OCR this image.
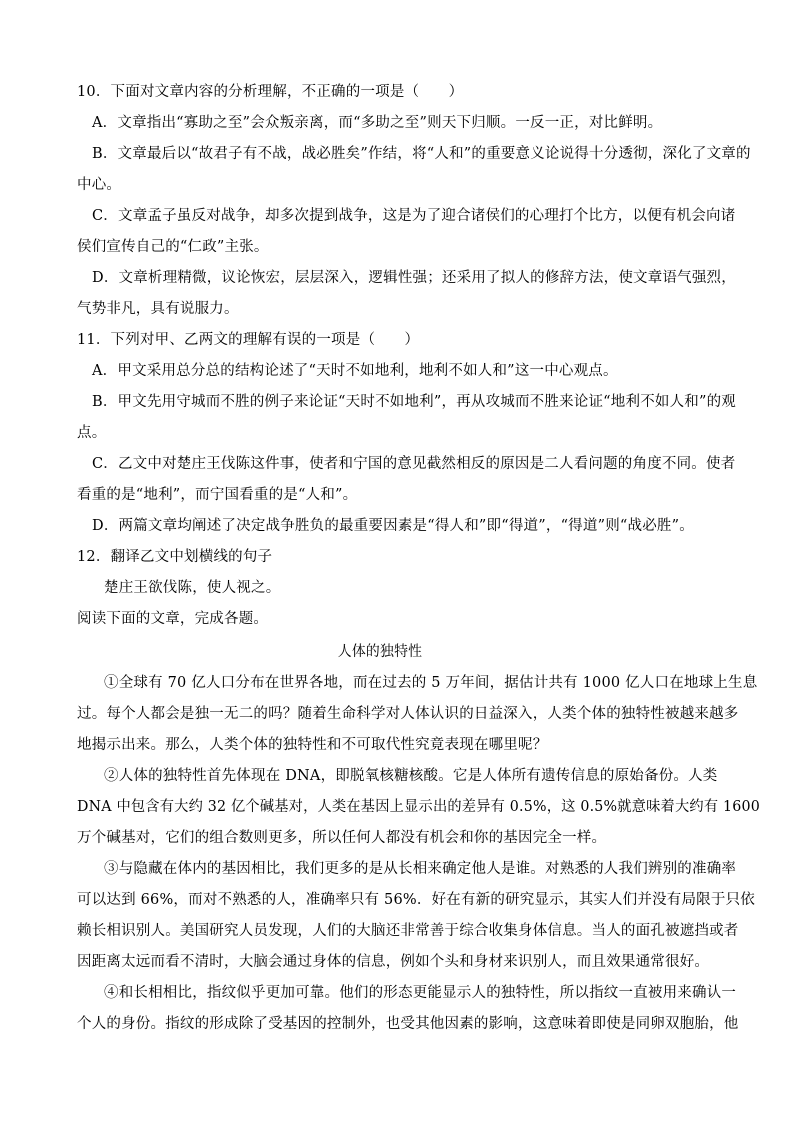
10．下面对文章内容的分析理解，不正确的一项是（　　）
A．文章指出“寡助之至”会众叛亲离，而“多助之至”则天下归顺。一反一正，对比鲜明。
B．文章最后以“故君子有不战，战必胜矣”作结，将“人和”的重要意义论说得十分透彻，深化了文章的
中心。
C．文章孟子虽反对战争，却多次提到战争，这是为了迎合诸侯们的心理打个比方，以便有机会向诸
侯们宣传自己的“仁政”主张。
D．文章析理精微，议论恢宏，层层深入，逻辑性强；还采用了拟人的修辞方法，使文章语气强烈，
气势非凡，具有说服力。
11．下列对甲、乙两文的理解有误的一项是（　　）
A．甲文采用总分总的结构论述了“天时不如地利，地利不如人和”这一中心观点。
B．甲文先用守城而不胜的例子来论证“天时不如地利”，再从攻城而不胜来论证“地利不如人和”的观
点。
C．乙文中对楚庄王伐陈这件事，使者和宁国的意见截然相反的原因是二人看问题的角度不同。使者
看重的是“地利”，而宁国看重的是“人和”。
D．两篇文章均阐述了决定战争胜负的最重要因素是“得人和”即“得道”，“得道”则“战必胜”。
12．翻译乙文中划横线的句子
楚庄王欲伐陈，使人视之。
阅读下面的文章，完成各题。
人体的独特性
①全球有 70 亿人口分布在世界各地，而在过去的 5 万年间，据估计共有 1000 亿人口在地球上生息
过。每个人都会是独一无二的吗？随着生命科学对人体认识的日益深入，人类个体的独特性被越来越多
地揭示出来。那么，人类个体的独特性和不可取代性究竟表现在哪里呢？
②人体的独特性首先体现在 DNA，即脱氧核糖核酸。它是人体所有遗传信息的原始备份。人类
DNA 中包含有大约 32 亿个碱基对，人类在基因上显示出的差异有 0.5%，这 0.5%就意味着大约有 1600
万个碱基对，它们的组合数则更多，所以任何人都没有机会和你的基因完全一样。
③与隐藏在体内的基因相比，我们更多的是从长相来确定他人是谁。对熟悉的人我们辨别的准确率
可以达到 66%，而对不熟悉的人，准确率只有 56%．好在有新的研究显示，其实人们并没有局限于只依
赖长相识别人。美国研究人员发现，人们的大脑还非常善于综合收集身体信息。当人的面孔被遮挡或者
因距离太远而看不清时，大脑会通过身体的信息，例如个头和身材来识别人，而且效果通常很好。
④和长相相比，指纹似乎更加可靠。他们的形态更能显示人的独特性，所以指纹一直被用来确认一
个人的身份。指纹的形成除了受基因的控制外，也受其他因素的影响，这意味着即使是同卵双胞胎，他
